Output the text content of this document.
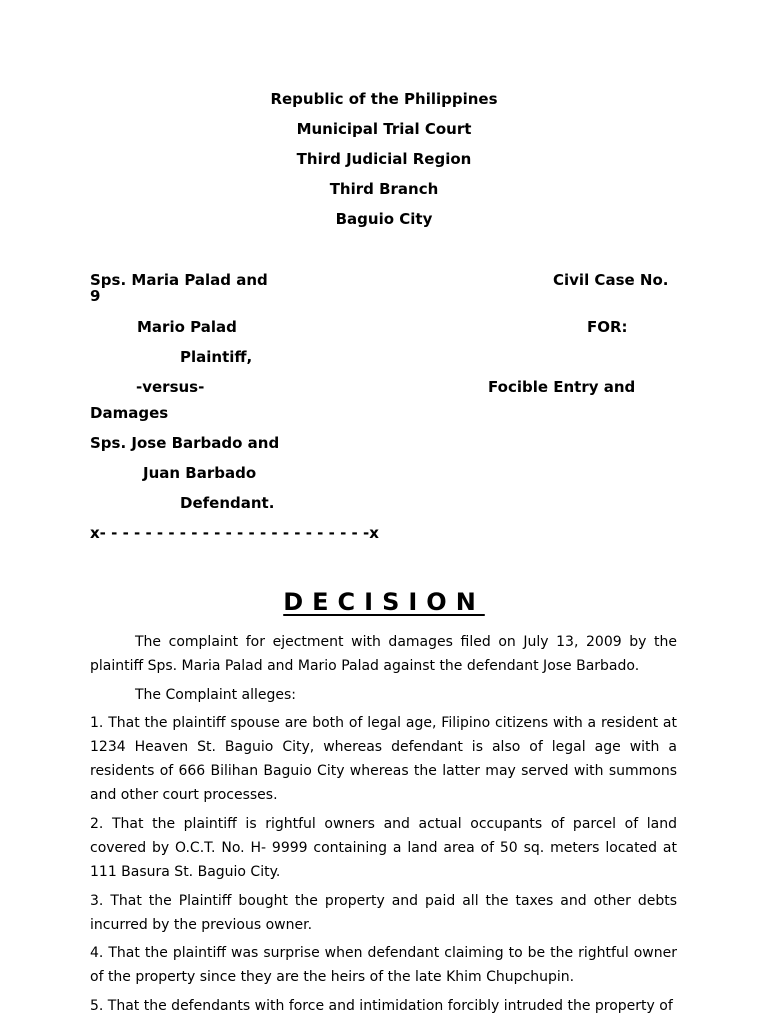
Republic of the Philippines
Municipal Trial Court
Third Judicial Region
Third Branch
Baguio City
Sps. Maria Palad and	Civil Case No.
9
Mario Palad	FOR:
Plaintiff,
-versus-	Focible Entry and
Damages
Sps. Jose Barbado and
Juan Barbado
Defendant.
x- - - - - - - - - - - - - - - - - - - - - - - -x
DECISION

The complaint for ejectment with damages filed on July 13, 2009 by the plaintiff Sps. Maria Palad and Mario Palad against the defendant Jose Barbado.

The Complaint alleges:

1. That the plaintiff spouse are both of legal age, Filipino citizens with a resident at 1234 Heaven St. Baguio City, whereas defendant is also of legal age with a residents of 666 Bilihan Baguio City whereas the latter may served with summons and other court processes.

2. That the plaintiff is rightful owners and actual occupants of parcel of land covered by O.C.T. No. H- 9999 containing a land area of 50 sq. meters located at 111 Basura St. Baguio City.

3. That the Plaintiff bought the property and paid all the taxes and other debts incurred by the previous owner.

4. That the plaintiff was surprise when defendant claiming to be the rightful owner of the property since they are the heirs of the late Khim Chupchupin.

5. That the defendants with force and intimidation forcibly intruded the property of
